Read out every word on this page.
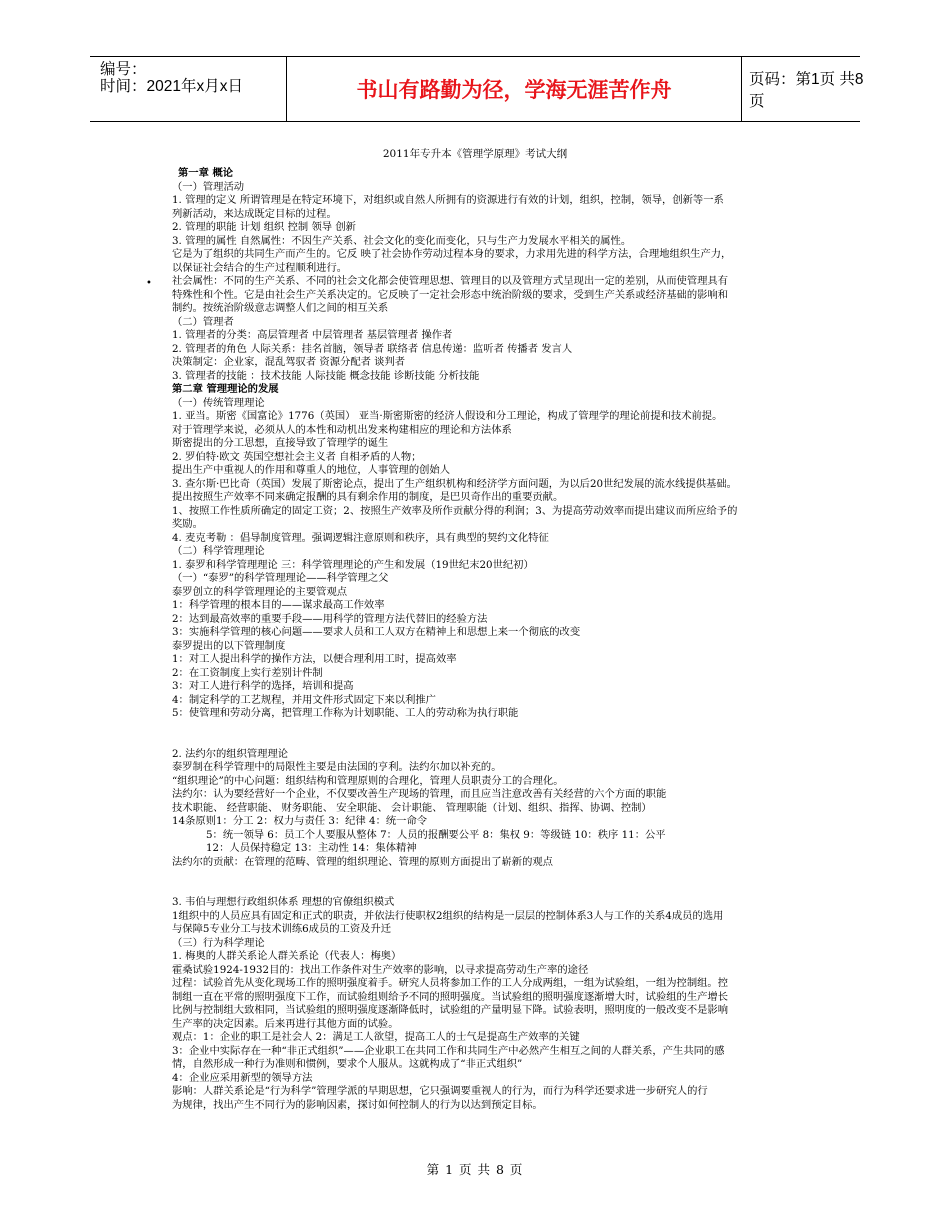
编号：
时间：2021年x月x日	书山有路勤为径，学海无涯苦作舟	页码：第1页 共8页
2011年专升本《管理学原理》考试大纲
•
第一章 概论
（一）管理活动
1. 管理的定义 所谓管理是在特定环境下，对组织或自然人所拥有的资源进行有效的计划，组织，控制，领导，创新等一系
列新活动，来达成既定目标的过程。
2. 管理的职能 计划 组织 控制 领导 创新
3. 管理的属性 自然属性：不因生产关系、社会文化的变化而变化，只与生产力发展水平相关的属性。
它是为了组织的共同生产而产生的。它反 映了社会协作劳动过程本身的要求，力求用先进的科学方法，合理地组织生产力，
以保证社会结合的生产过程顺利进行。
社会属性：不同的生产关系、不同的社会文化都会使管理思想、管理目的以及管理方式呈现出一定的差别，从而使管理具有
特殊性和个性。它是由社会生产关系决定的。它反映了一定社会形态中统治阶级的要求，受到生产关系或经济基础的影响和
制约。按统治阶级意志调整人们之间的相互关系
（二）管理者
1. 管理者的分类：高层管理者 中层管理者 基层管理者 操作者
2. 管理者的角色 人际关系：挂名首脑，领导者 联络者 信息传递：监听者 传播者 发言人
决策制定：企业家，混乱驾驭者 资源分配者 谈判者
3. 管理者的技能 ：技术技能 人际技能 概念技能 诊断技能 分析技能
第二章 管理理论的发展
（一）传统管理理论
1. 亚当。斯密《国富论》1776（英国） 亚当·斯密斯密的经济人假设和分工理论，构成了管理学的理论前提和技术前提。
对于管理学来说，必须从人的本性和动机出发来构建相应的理论和方法体系
斯密提出的分工思想，直接导致了管理学的诞生
2. 罗伯特·欧文 英国空想社会主义者 自相矛盾的人物；
提出生产中重视人的作用和尊重人的地位，人事管理的创始人
3. 查尔斯·巴比奇（英国）发展了斯密论点，提出了生产组织机构和经济学方面问题，为以后20世纪发展的流水线提供基础。
提出按照生产效率不同来确定报酬的具有剩余作用的制度，是巴贝奇作出的重要贡献。
1、按照工作性质所确定的固定工资；2、按照生产效率及所作贡献分得的利润；3、为提高劳动效率而提出建议而所应给予的
奖励。
4. 麦克考勒 ：倡导制度管理。强调逻辑注意原则和秩序，具有典型的契约文化特征
（二）科学管理理论
1. 泰罗和科学管理理论 三：科学管理理论的产生和发展（19世纪末20世纪初）
（一）“泰罗”的科学管理理论——科学管理之父
泰罗创立的科学管理理论的主要管观点
1：科学管理的根本目的——谋求最高工作效率
2：达到最高效率的重要手段——用科学的管理方法代替旧的经验方法
3：实施科学管理的核心问题——要求人员和工人双方在精神上和思想上来一个彻底的改变
泰罗提出的以下管理制度
1：对工人提出科学的操作方法，以便合理利用工时，提高效率
2：在工资制度上实行差别计件制
3：对工人进行科学的选择，培训和提高
4：制定科学的工艺规程，并用文件形式固定下来以利推广
5：使管理和劳动分离，把管理工作称为计划职能、工人的劳动称为执行职能
2. 法约尔的组织管理理论
泰罗制在科学管理中的局限性主要是由法国的亨利。法约尔加以补充的。
“组织理论”的中心问题：组织结构和管理原则的合理化，管理人员职责分工的合理化。
法约尔：认为要经营好一个企业，不仅要改善生产现场的管理，而且应当注意改善有关经营的六个方面的职能
技术职能、 经营职能、 财务职能、 安全职能、 会计职能、 管理职能（计划、组织、指挥、协调、控制）
14条原则1：分工 2：权力与责任 3：纪律 4：统一命令
5：统一领导 6：员工个人要服从整体 7：人员的报酬要公平 8：集权 9：等级链 10：秩序 11：公平
12：人员保持稳定 13：主动性 14：集体精神
法约尔的贡献：在管理的范畴、管理的组织理论、管理的原则方面提出了崭新的观点
3. 韦伯与理想行政组织体系 理想的官僚组织模式
1组织中的人员应具有固定和正式的职责，并依法行使职权2组织的结构是一层层的控制体系3人与工作的关系4成员的选用
与保障5专业分工与技术训练6成员的工资及升迁
（三）行为科学理论
1. 梅奥的人群关系论人群关系论（代表人：梅奥）
霍桑试验1924-1932目的：找出工作条件对生产效率的影响，以寻求提高劳动生产率的途径
过程：试验首先从变化现场工作的照明强度着手。研究人员将参加工作的工人分成两组，一组为试验组，一组为控制组。控
制组一直在平常的照明强度下工作，而试验组则给予不同的照明强度。当试验组的照明强度逐渐增大时，试验组的生产增长
比例与控制组大致相同，当试验组的照明强度逐渐降低时，试验组的产量明显下降。试验表明，照明度的一般改变不是影响
生产率的决定因素。后来再进行其他方面的试验。
观点：1：企业的职工是社会人 2：满足工人欲望，提高工人的士气是提高生产效率的关键
3：企业中实际存在一种“非正式组织”——企业职工在共同工作和共同生产中必然产生相互之间的人群关系，产生共同的感
情，自然形成一种行为准则和惯例，要求个人服从。这就构成了“非正式组织”
4：企业应采用新型的领导方法
影响：人群关系论是“行为科学”管理学派的早期思想，它只强调要重视人的行为，而行为科学还要求进一步研究人的行
为规律，找出产生不同行为的影响因素，探讨如何控制人的行为以达到预定目标。
第 1 页 共 8 页
